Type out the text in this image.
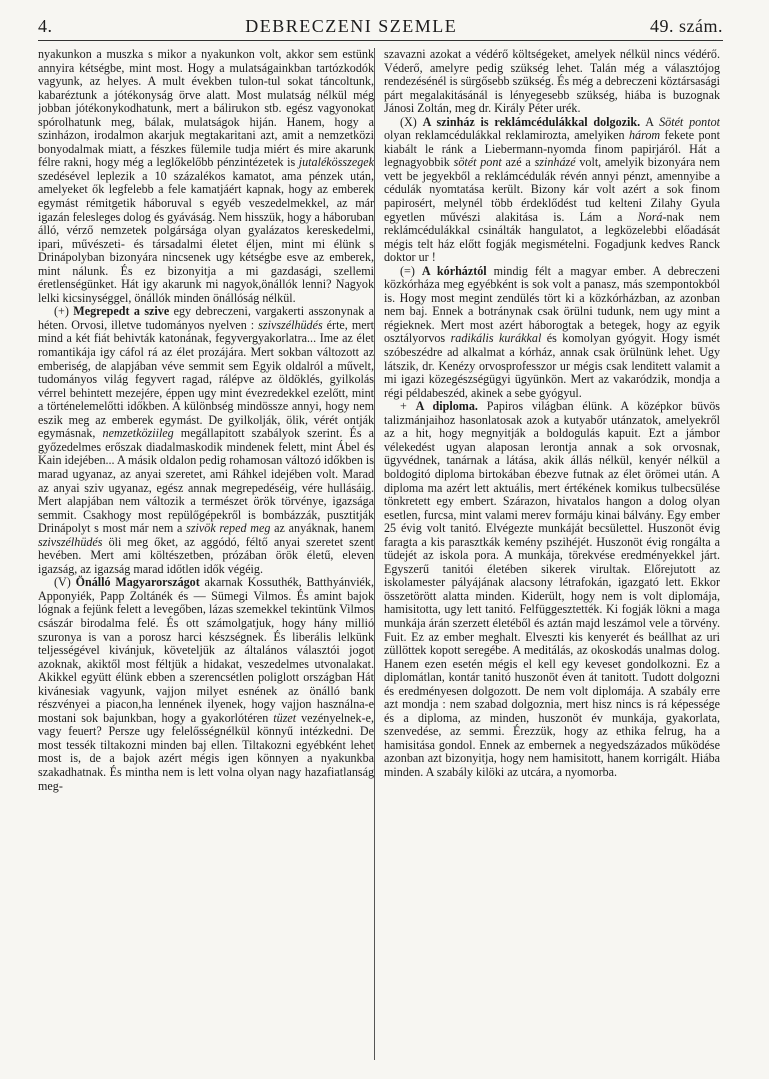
4.	DEBRECZENI SZEMLE	49. szám.

nyakunkon a muszka s mikor a nyakunkon volt, akkor sem estünk annyira kétségbe, mint most. Hogy a mulatságainkban tartózkodók vagyunk, az helyes. A mult években tulon-tul sokat táncoltunk, kabaréztunk a jótékonyság örve alatt. Most mulatság nélkül még jobban jótékonykodhatunk, mert a bálirukon stb. egész vagyonokat spórolhatunk meg, bálak, mulatságok hiján. Hanem, hogy a szinházon, irodalmon akarjuk megtakaritani azt, amit a nemzetközi bonyodalmak miatt, a fészkes fülemile tudja miért és mire akarunk félre rakni, hogy még a leglőkelőbb pénzintézetek is jutalékösszegek szedésével leplezik a 10 százalékos kamatot, ama pénzek után, amelyeket ők legfelebb a fele kamatjáért kapnak, hogy az emberek egymást rémitgetik háboruval s egyéb veszedelmekkel, az már igazán felesleges dolog és gyáváság. Nem hisszük, hogy a háboruban álló, vérző nemzetek polgársága olyan gyalázatos kereskedelmi, ipari, művészeti- és társadalmi életet éljen, mint mi élünk s Drinápolyban bizonyára nincsenek ugy kétségbe esve az emberek, mint nálunk. És ez bizonyitja a mi gazdasági, szellemi éretlenségünket. Hát igy akarunk mi nagyok,önállók lenni? Nagyok lelki kicsinységgel, önállók minden önállóság nélkül.

(+) Megrepedt a szive egy debreczeni, vargakerti asszonynak a héten. Orvosi, illetve tudományos nyelven : szivszélhüdés érte, mert mind a két fiát behivták katonának, fegyvergyakorlatra... Ime az élet romantikája igy cáfol rá az élet prozájára. Mert sokban változott az emberiség, de alapjában véve semmit sem Egyik oldalról a művelt, tudományos világ fegyvert ragad, rálépve az öldöklés, gyilkolás vérrel behintett mezejére, éppen ugy mint évezredekkel ezelőtt, mint a történelemelőtti időkben. A különbség mindössze annyi, hogy nem eszik meg az emberek egymást. De gyilkolják, ölik, vérét ontják egymásnak, nemzetköziileg megállapitott szabályok szerint. És a győzedelmes erőszak diadalmaskodik mindenek felett, mint Ábel és Kain idejében... A másik oldalon pedig rohamosan változó időkben is marad ugyanaz, az anyai szeretet, ami Ráhkel idejében volt. Marad az anyai sziv ugyanaz, egész annak megrepedéséig, vére hullásáig. Mert alapjában nem változik a természet örök törvénye, igazsága semmit. Csakhogy most repülőgépekről is bombázzák, pusztitják Drinápolyt s most már nem a szivök reped meg az anyáknak, hanem szivszélhüdés öli meg őket, az aggódó, féltő anyai szeretet szent hevében. Mert ami költészetben, prózában örök életű, eleven igazság, az igazság marad időtlen idők végéig.

(V) Önálló Magyarországot akarnak Kossuthék, Batthyánviék, Apponyiék, Papp Zoltánék és — Sümegi Vilmos. És amint bajok lógnak a fejünk felett a levegőben, lázas szemekkel tekintünk Vilmos császár birodalma felé. És ott számolgatjuk, hogy hány millió szuronya is van a porosz harci készségnek. És liberális lelkünk teljességével kivánjuk, követeljük az általános választói jogot azoknak, akiktől most féltjük a hidakat, veszedelmes utvonalakat. Akikkel együtt élünk ebben a szerencsétlen poliglott országban Hát kivánesiak vagyunk, vajjon milyet esnének az önálló bank részvényei a piacon,ha lennének ilyenek, hogy vajjon használna-e mostani sok bajunkban, hogy a gyakorlótéren tüzet vezényelnek-e, vagy feuert? Persze ugy felelősségnélkül könnyű intézkedni. De most tessék tiltakozni minden baj ellen. Tiltakozni egyébként lehet most is, de a bajok azért mégis igen könnyen a nyakunkba szakadhatnak. És mintha nem is lett volna olyan nagy hazafiatlanság meg-

szavazni azokat a védérő költségeket, amelyek nélkül nincs védérő. Véderő, amelyre pedig szükség lehet. Talán még a választójog rendezésénél is sürgősebb szükség. És még a debreczeni köztársasági párt megalakitásánál is lényegesebb szükség, hiába is buzognak Jánosi Zoltán, meg dr. Király Péter urék.

(X) A szinház is reklámcédulákkal dolgozik. A Sötét pontot olyan reklamcédulákkal reklamirozta, amelyiken három fekete pont kiabált le ránk a Liebermann-nyomda finom papirjáról. Hát a legnagyobbik sötét pont azé a szinházé volt, amelyik bizonyára nem vett be jegyekből a reklámcédulák révén annyi pénzt, amennyibe a cédulák nyomtatása került. Bizony kár volt azért a sok finom papirosért, melynél több érdeklődést tud kelteni Zilahy Gyula egyetlen művészi alakitása is. Lám a Norá-nak nem reklámcédulákkal csinálták hangulatot, a legközelebbi előadását mégis telt ház előtt fogják megismételni. Fogadjunk kedves Ranck doktor ur !

(=) A kórháztól mindig félt a magyar ember. A debreczeni közkórháza meg egyébként is sok volt a panasz, más szempontokból is. Hogy most megint zendülés tört ki a közkórházban, az azonban nem baj. Ennek a botránynak csak örülni tudunk, nem ugy mint a régieknek. Mert most azért háborogtak a betegek, hogy az egyik osztályorvos radikális kurákkal és komolyan gyógyit. Hogy ismét szóbeszédre ad alkalmat a kórház, annak csak örülnünk lehet. Ugy látszik, dr. Kenézy orvosprofesszor ur mégis csak lenditett valamit a mi igazi közegészségügyi ügyünkön. Mert az vakaródzik, mondja a régi példabeszéd, akinek a sebe gyógyul.

+ A diploma. Papiros világban élünk. A középkor büvös talizmánjaihoz hasonlatosak azok a kutyabőr utánzatok, amelyekről az a hit, hogy megnyitják a boldogulás kapuit. Ezt a jámbor vélekedést ugyan alaposan lerontja annak a sok orvosnak, ügyvédnek, tanárnak a látása, akik állás nélkül, kenyér nélkül a boldogitó diploma birtokában ébezve futnak az élet örömei után. A diploma ma azért lett aktuális, mert értékének komikus tulbecsülése tönkretett egy embert. Szárazon, hivatalos hangon a dolog olyan esetlen, furcsa, mint valami merev formáju kinai bálvány. Egy ember 25 évig volt tanitó. Elvégezte munkáját becsülettel. Huszonöt évig faragta a kis parasztkák kemény pszihéjét. Huszonöt évig rongálta a tüdejét az iskola pora. A munkája, törekvése eredményekkel járt. Egyszerű tanitói életében sikerek virultak. Előrejutott az iskolamester pályájának alacsony létrafokán, igazgató lett. Ekkor összetörött alatta minden. Kiderült, hogy nem is volt diplomája, hamisitotta, ugy lett tanitó. Felfüggesztették. Ki fogják lökni a maga munkája árán szerzett életéből és aztán majd leszámol vele a törvény. Fuit. Ez az ember meghalt. Elveszti kis kenyerét és beállhat az uri züllöttek kopott seregébe. A meditálás, az okoskodás unalmas dolog. Hanem ezen esetén mégis el kell egy keveset gondolkozni. Ez a diplomátlan, kontár tanitó huszonöt éven át tanitott. Tudott dolgozni és eredményesen dolgozott. De nem volt diplomája. A szabály erre azt mondja : nem szabad dolgoznia, mert hisz nincs is rá képessége és a diploma, az minden, huszonöt év munkája, gyakorlata, szenvedése, az semmi. Érezzük, hogy az ethika felrug, ha a hamisitása gondol. Ennek az embernek a negyedszázados működése azonban azt bizonyitja, hogy nem hamisitott, hanem korrigált. Hiába minden. A szabály kilöki az utcára, a nyomorba.
